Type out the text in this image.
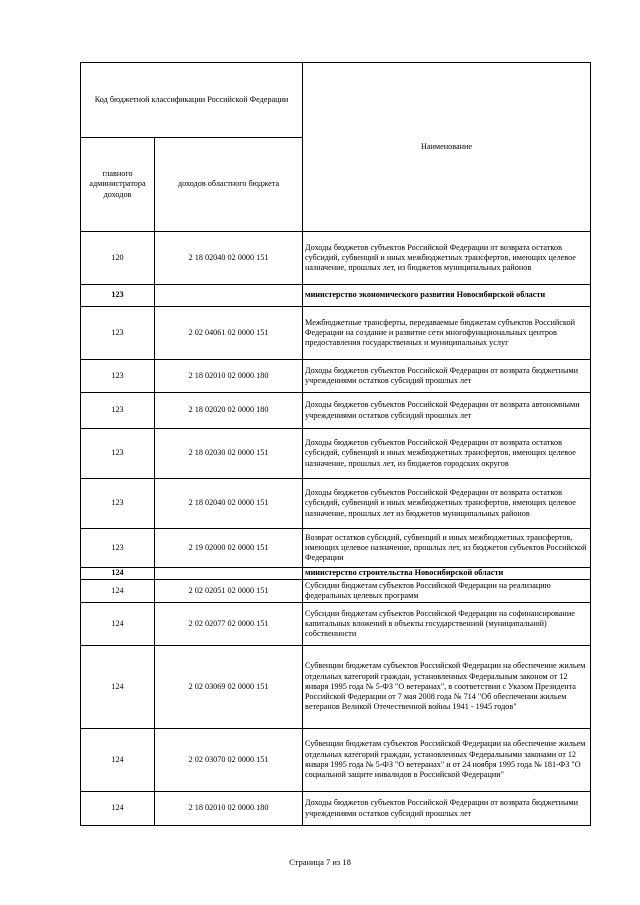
Код бюджетной классификации Российской Федерации		Наименование
главного администратора доходов	доходов областного бюджета	
120	2 18 02040 02 0000 151	Доходы бюджетов субъектов Российской Федерации от возврата остатков субсидий, субвенций и иных межбюджетных трансфертов, имеющих целевое назначение, прошлых лет, из бюджетов муниципальных районов
123		министерство экономического развития Новосибирской области
123	2 02 04061 02 0000 151	Межбюджетные трансферты, передаваемые бюджетам субъектов Российской Федерации на создание и развитие сети многофункциональных центров предоставления государственных и муниципальных услуг
123	2 18 02010 02 0000 180	Доходы бюджетов субъектов Российской Федерации от возврата бюджетными учреждениями остатков субсидий прошлых лет
123	2 18 02020 02 0000 180	Доходы бюджетов субъектов Российской Федерации от возврата автономными учреждениями остатков субсидий прошлых лет
123	2 18 02030 02 0000 151	Доходы бюджетов субъектов Российской Федерации от возврата остатков субсидий, субвенций и иных межбюджетных трансфертов, имеющих целевое назначение, прошлых лет, из бюджетов городских округов
123	2 18 02040 02 0000 151	Доходы бюджетов субъектов Российской Федерации от возврата остатков субсидий, субвенций и иных межбюджетных трансфертов, имеющих целевое назначение, прошлых лет из бюджетов муниципальных районов
123	2 19 02000 02 0000 151	Возврат остатков субсидий, субвенций и иных межбюджетных трансфертов, имеющих целевое назначение, прошлых лет, из бюджетов субъектов Российской Федерации
124		министерство строительства Новосибирской области
124	2 02 02051 02 0000 151	Субсидии бюджетам субъектов Российской Федерации на реализацию федеральных целевых программ
124	2 02 02077 02 0000 151	Субсидии бюджетам субъектов Российской Федерации на софинансирование капитальных вложений в объекты государственной (муниципальной) собственности
124	2 02 03069 02 0000 151	Субвенции бюджетам субъектов Российской Федерации на обеспечение жильем отдельных категорий граждан, установленных Федеральным законом от 12 января 1995 года № 5-ФЗ "О ветеранах", в соответствии с Указом Президента Российской Федерации от 7 мая 2008 года № 714 "Об обеспечении жильем ветеранов Великой Отечественной войны 1941 - 1945 годов"
124	2 02 03070 02 0000 151	Субвенции бюджетам субъектов Российской Федерации на обеспечение жильем отдельных категорий граждан, установленных Федеральными законами от 12 января 1995 года № 5-ФЗ "О ветеранах" и от 24 ноября 1995 года № 181-ФЗ "О социальной защите инвалидов в Российской Федерации"
124	2 18 02010 02 0000 180	Доходы бюджетов субъектов Российской Федерации от возврата бюджетными учреждениями остатков субсидий прошлых лет
Страница 7 из 18
